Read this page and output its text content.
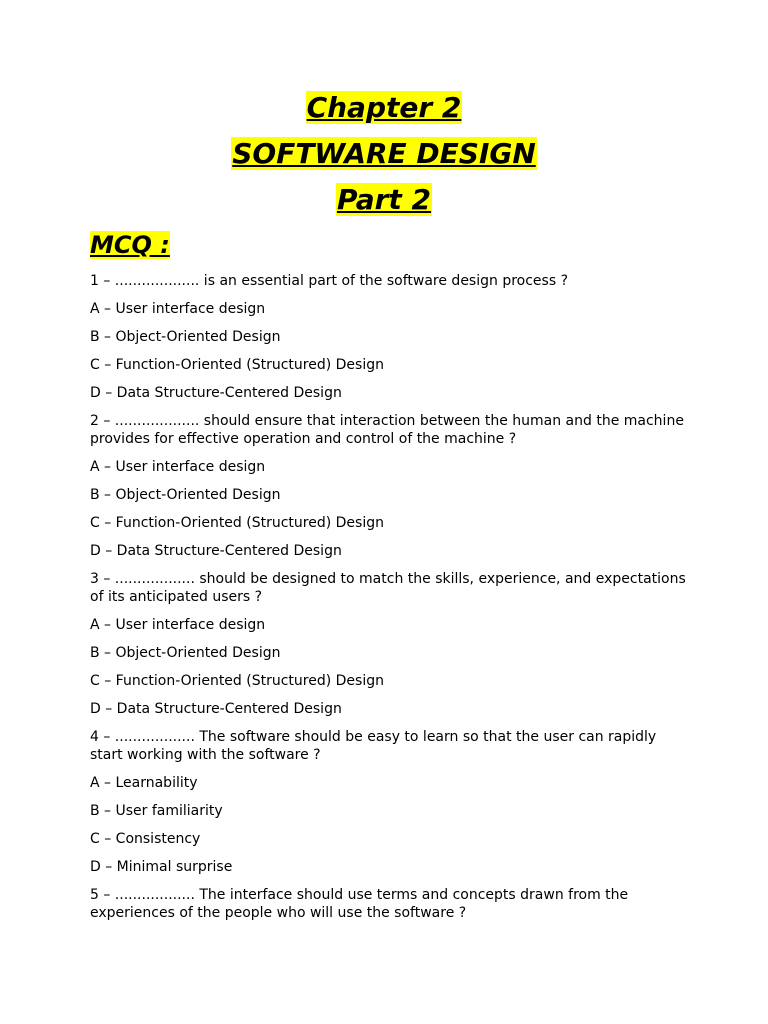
Chapter 2
SOFTWARE DESIGN
Part 2
MCQ :

1 – ................... is an essential part of the software design process ?

A – User interface design

B – Object-Oriented Design

C – Function-Oriented (Structured) Design

D – Data Structure-Centered Design

2 – ................... should ensure that interaction between the human and the machine provides for effective operation and control of the machine ?

A – User interface design

B – Object-Oriented Design

C – Function-Oriented (Structured) Design

D – Data Structure-Centered Design

3 – .................. should be designed to match the skills, experience, and expectations of its anticipated users ?

A – User interface design

B – Object-Oriented Design

C – Function-Oriented (Structured) Design

D – Data Structure-Centered Design

4 – .................. The software should be easy to learn so that the user can rapidly start working with the software ?

A – Learnability

B – User familiarity

C – Consistency

D – Minimal surprise

5 – .................. The interface should use terms and concepts drawn from the experiences of the people who will use the software ?
